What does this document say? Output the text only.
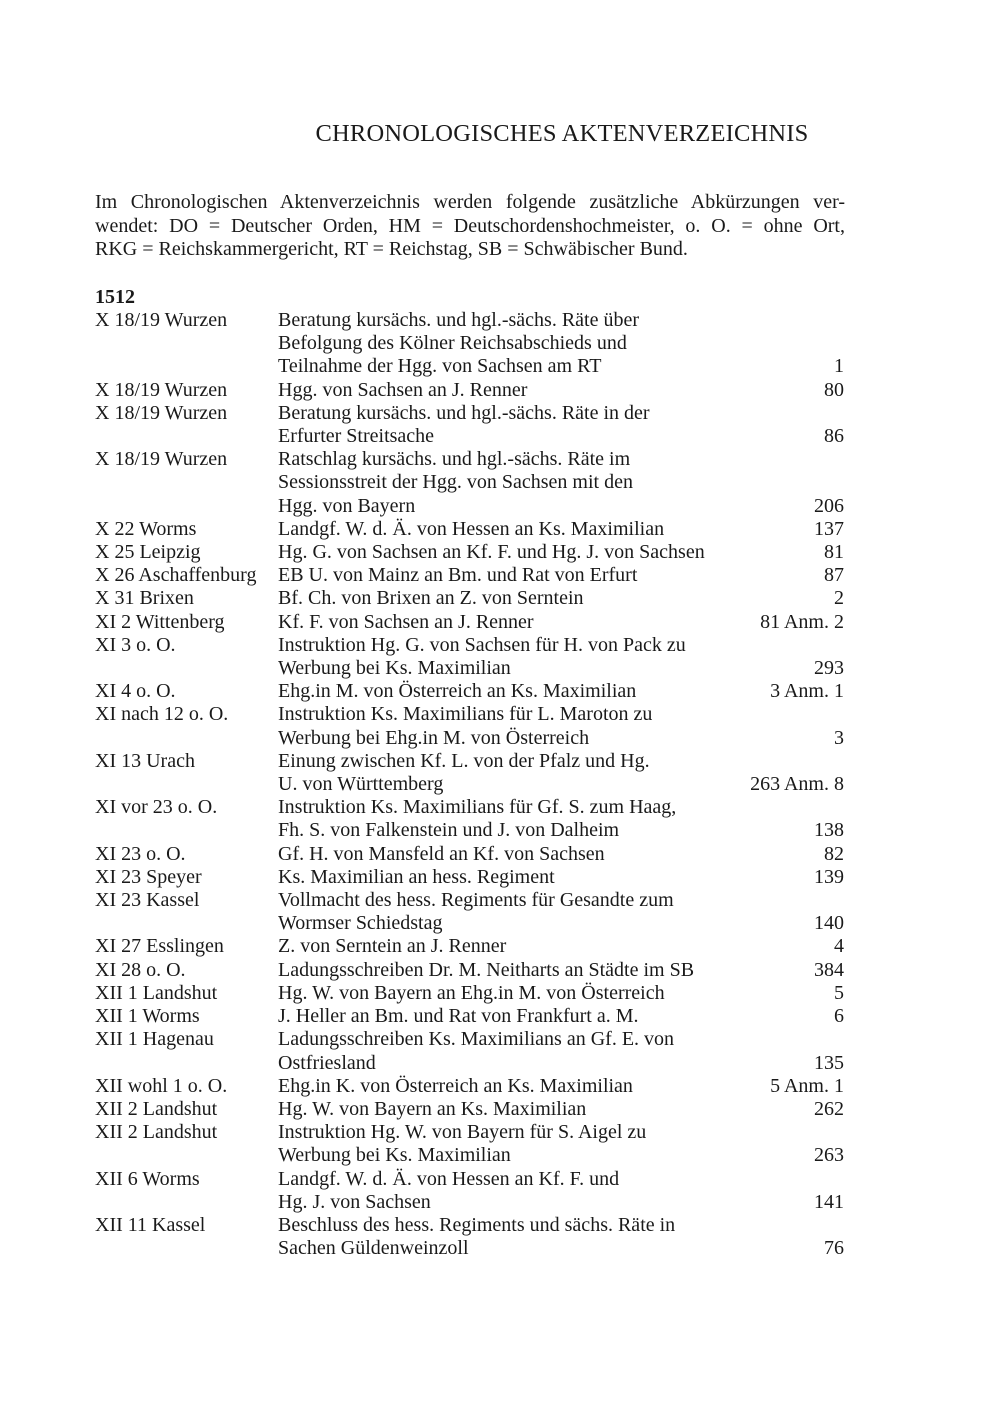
CHRONOLOGISCHES AKTENVERZEICHNIS
Im Chronologischen Aktenverzeichnis werden folgende zusätzliche Abkürzungen ver-
wendet: DO = Deutscher Orden, HM = Deutschordenshochmeister, o. O. = ohne Ort,
RKG = Reichskammergericht, RT = Reichstag, SB = Schwäbischer Bund.
1512
X 18/19 Wurzen	Beratung kursächs. und hgl.-sächs. Räte über
Befolgung des Kölner Reichsabschieds und
Teilnahme der Hgg. von Sachsen am RT	1
X 18/19 Wurzen	Hgg. von Sachsen an J. Renner	80
X 18/19 Wurzen	Beratung kursächs. und hgl.-sächs. Räte in der
Erfurter Streitsache	86
X 18/19 Wurzen	Ratschlag kursächs. und hgl.-sächs. Räte im
Sessionsstreit der Hgg. von Sachsen mit den
Hgg. von Bayern	206
X 22 Worms	Landgf. W. d. Ä. von Hessen an Ks. Maximilian	137
X 25 Leipzig	Hg. G. von Sachsen an Kf. F. und Hg. J. von Sachsen	81
X 26 Aschaffenburg	EB U. von Mainz an Bm. und Rat von Erfurt	87
X 31 Brixen	Bf. Ch. von Brixen an Z. von Serntein	2
XI 2 Wittenberg	Kf. F. von Sachsen an J. Renner	81 Anm. 2
XI 3 o. O.	Instruktion Hg. G. von Sachsen für H. von Pack zu
Werbung bei Ks. Maximilian	293
XI 4 o. O.	Ehg.in M. von Österreich an Ks. Maximilian	3 Anm. 1
XI nach 12 o. O.	Instruktion Ks. Maximilians für L. Maroton zu
Werbung bei Ehg.in M. von Österreich	3
XI 13 Urach	Einung zwischen Kf. L. von der Pfalz und Hg.
U. von Württemberg	263 Anm. 8
XI vor 23 o. O.	Instruktion Ks. Maximilians für Gf. S. zum Haag,
Fh. S. von Falkenstein und J. von Dalheim	138
XI 23 o. O.	Gf. H. von Mansfeld an Kf. von Sachsen	82
XI 23 Speyer	Ks. Maximilian an hess. Regiment	139
XI 23 Kassel	Vollmacht des hess. Regiments für Gesandte zum
Wormser Schiedstag	140
XI 27 Esslingen	Z. von Serntein an J. Renner	4
XI 28 o. O.	Ladungsschreiben Dr. M. Neitharts an Städte im SB	384
XII 1 Landshut	Hg. W. von Bayern an Ehg.in M. von Österreich	5
XII 1 Worms	J. Heller an Bm. und Rat von Frankfurt a. M.	6
XII 1 Hagenau	Ladungsschreiben Ks. Maximilians an Gf. E. von
Ostfriesland	135
XII wohl 1 o. O.	Ehg.in K. von Österreich an Ks. Maximilian	5 Anm. 1
XII 2 Landshut	Hg. W. von Bayern an Ks. Maximilian	262
XII 2 Landshut	Instruktion Hg. W. von Bayern für S. Aigel zu
Werbung bei Ks. Maximilian	263
XII 6 Worms	Landgf. W. d. Ä. von Hessen an Kf. F. und
Hg. J. von Sachsen	141
XII 11 Kassel	Beschluss des hess. Regiments und sächs. Räte in
Sachen Güldenweinzoll	76
